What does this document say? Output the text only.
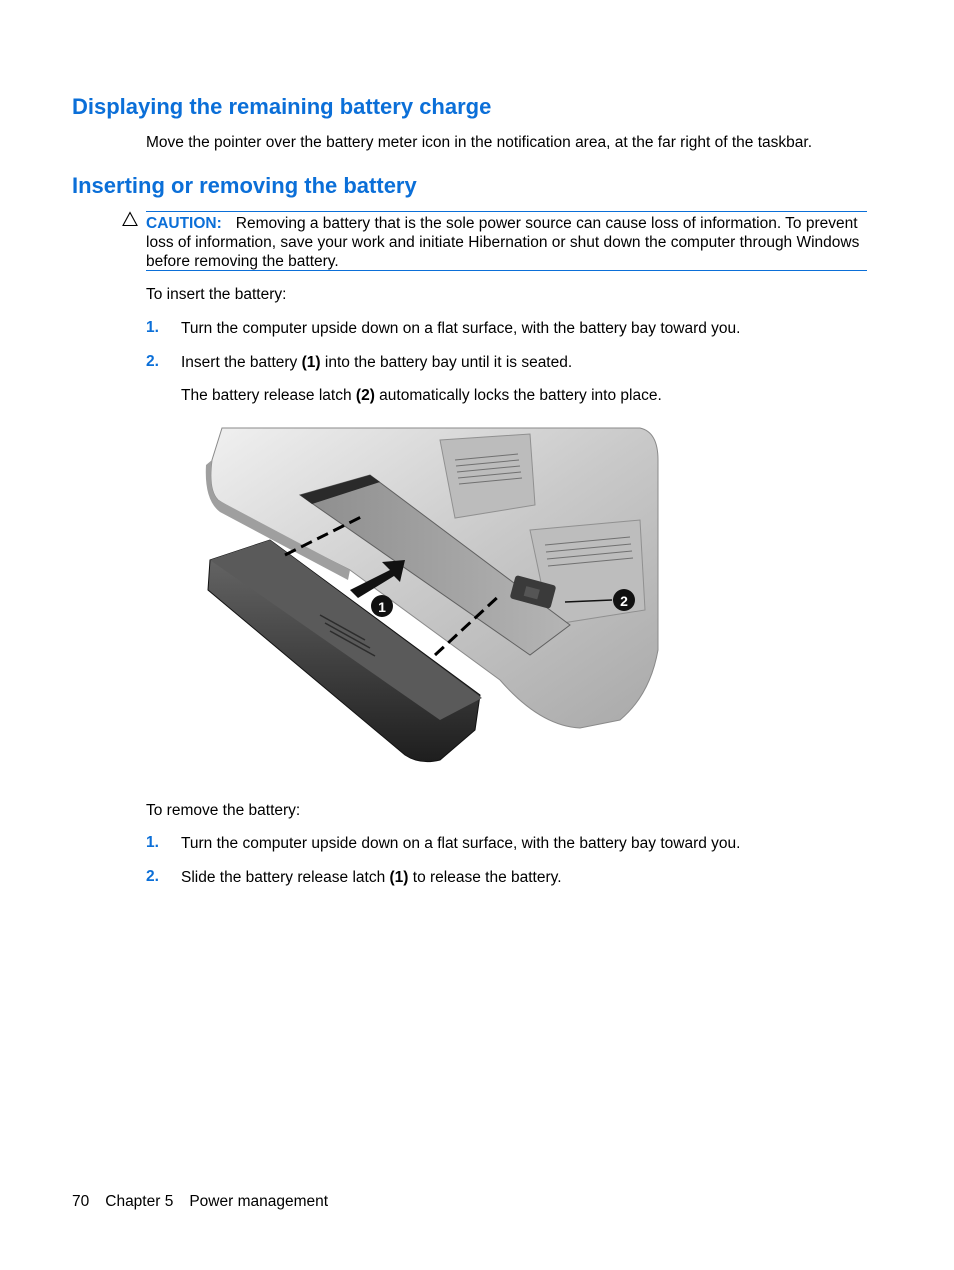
Displaying the remaining battery charge

Move the pointer over the battery meter icon in the notification area, at the far right of the taskbar.

Inserting or removing the battery
CAUTION: Removing a battery that is the sole power source can cause loss of information. To prevent loss of information, save your work and initiate Hibernation or shut down the computer through Windows before removing the battery.

To insert the battery:

1. Turn the computer upside down on a flat surface, with the battery bay toward you.

2. Insert the battery (1) into the battery bay until it is seated.

The battery release latch (2) automatically locks the battery into place.

1	2

To remove the battery:

1. Turn the computer upside down on a flat surface, with the battery bay toward you.

2. Slide the battery release latch (1) to release the battery.

70 Chapter 5 Power management
